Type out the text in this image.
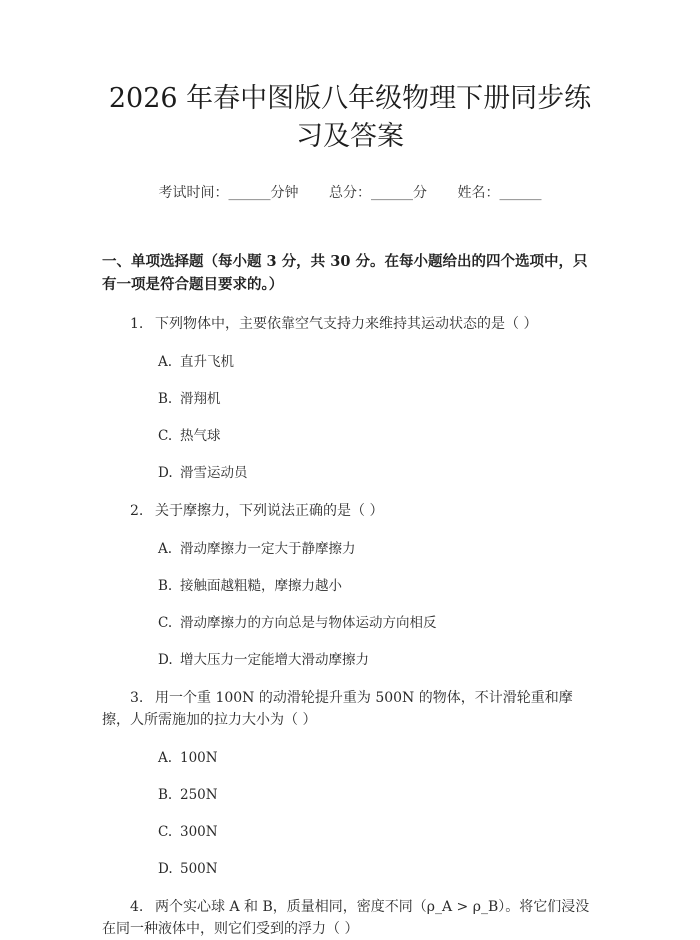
2026 年春中图版八年级物理下册同步练习及答案
考试时间：______分钟 总分：______分 姓名：______
一、单项选择题（每小题 3 分，共 30 分。在每小题给出的四个选项中，只有一项是符合题目要求的。）
1. 下列物体中，主要依靠空气支持力来维持其运动状态的是（ ）
A. 直升飞机
B. 滑翔机
C. 热气球
D. 滑雪运动员
2. 关于摩擦力，下列说法正确的是（ ）
A. 滑动摩擦力一定大于静摩擦力
B. 接触面越粗糙，摩擦力越小
C. 滑动摩擦力的方向总是与物体运动方向相反
D. 增大压力一定能增大滑动摩擦力
3. 用一个重 100N 的动滑轮提升重为 500N 的物体，不计滑轮重和摩擦，人所需施加的拉力大小为（ ）
A. 100N
B. 250N
C. 300N
D. 500N
4. 两个实心球 A 和 B，质量相同，密度不同（ρ_A > ρ_B）。将它们浸没在同一种液体中，则它们受到的浮力（ ）
